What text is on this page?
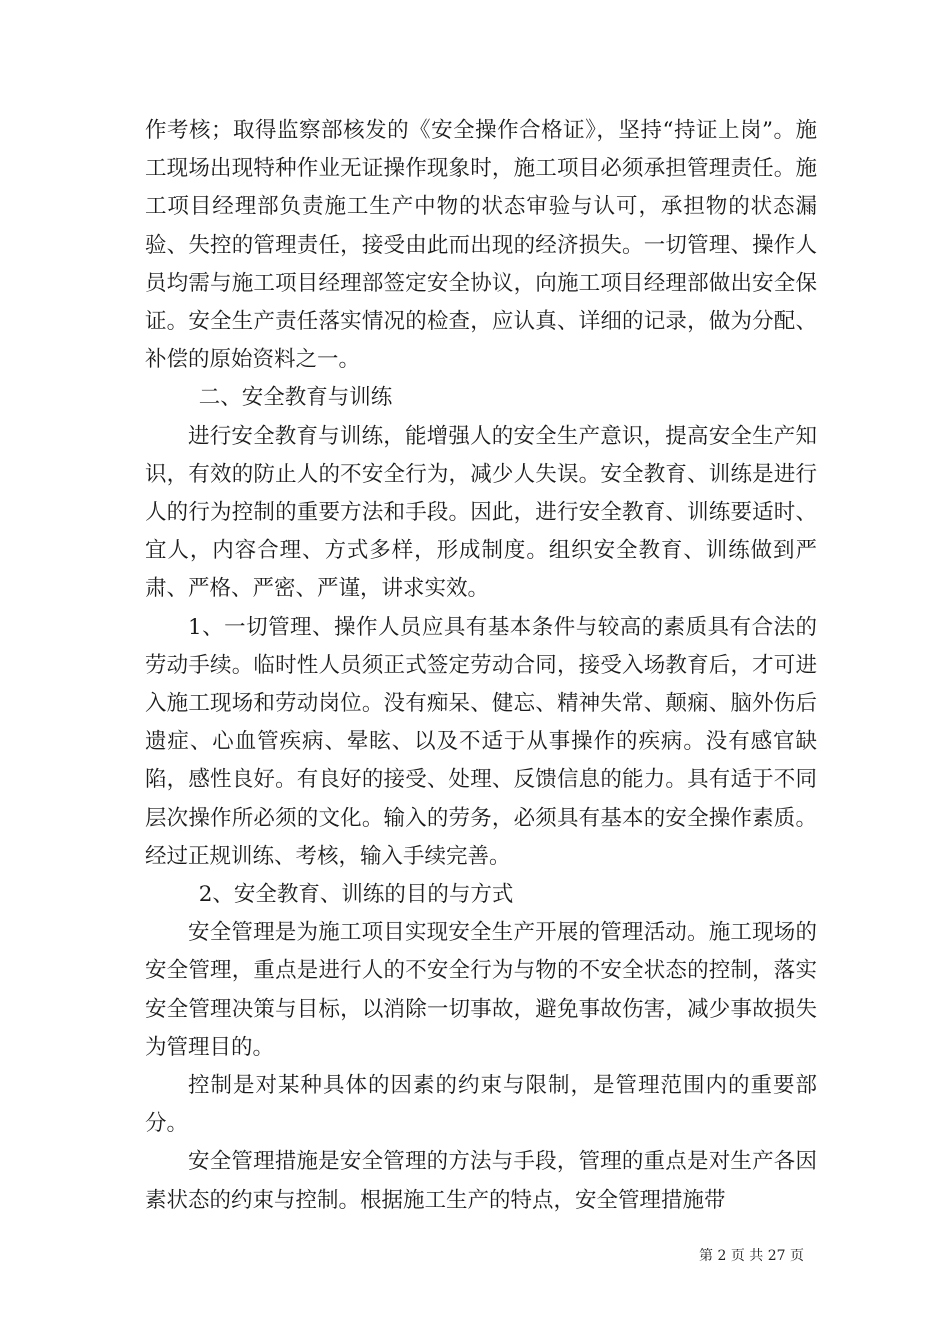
作考核；取得监察部核发的《安全操作合格证》，坚持“持证上岗”。施工现场出现特种作业无证操作现象时，施工项目必须承担管理责任。施工项目经理部负责施工生产中物的状态审验与认可，承担物的状态漏验、失控的管理责任，接受由此而出现的经济损失。一切管理、操作人员均需与施工项目经理部签定安全协议，向施工项目经理部做出安全保证。安全生产责任落实情况的检查，应认真、详细的记录，做为分配、补偿的原始资料之一。

二、安全教育与训练

进行安全教育与训练，能增强人的安全生产意识，提高安全生产知识，有效的防止人的不安全行为，减少人失误。安全教育、训练是进行人的行为控制的重要方法和手段。因此，进行安全教育、训练要适时、宜人，内容合理、方式多样，形成制度。组织安全教育、训练做到严肃、严格、严密、严谨，讲求实效。

1、一切管理、操作人员应具有基本条件与较高的素质具有合法的劳动手续。临时性人员须正式签定劳动合同，接受入场教育后，才可进入施工现场和劳动岗位。没有痴呆、健忘、精神失常、颠痫、脑外伤后遗症、心血管疾病、晕眩、以及不适于从事操作的疾病。没有感官缺陷，感性良好。有良好的接受、处理、反馈信息的能力。具有适于不同层次操作所必须的文化。输入的劳务，必须具有基本的安全操作素质。经过正规训练、考核，输入手续完善。

2、安全教育、训练的目的与方式

安全管理是为施工项目实现安全生产开展的管理活动。施工现场的安全管理，重点是进行人的不安全行为与物的不安全状态的控制，落实安全管理决策与目标，以消除一切事故，避免事故伤害，减少事故损失为管理目的。

控制是对某种具体的因素的约束与限制，是管理范围内的重要部分。

安全管理措施是安全管理的方法与手段，管理的重点是对生产各因素状态的约束与控制。根据施工生产的特点，安全管理措施带

第 2 页 共 27 页
